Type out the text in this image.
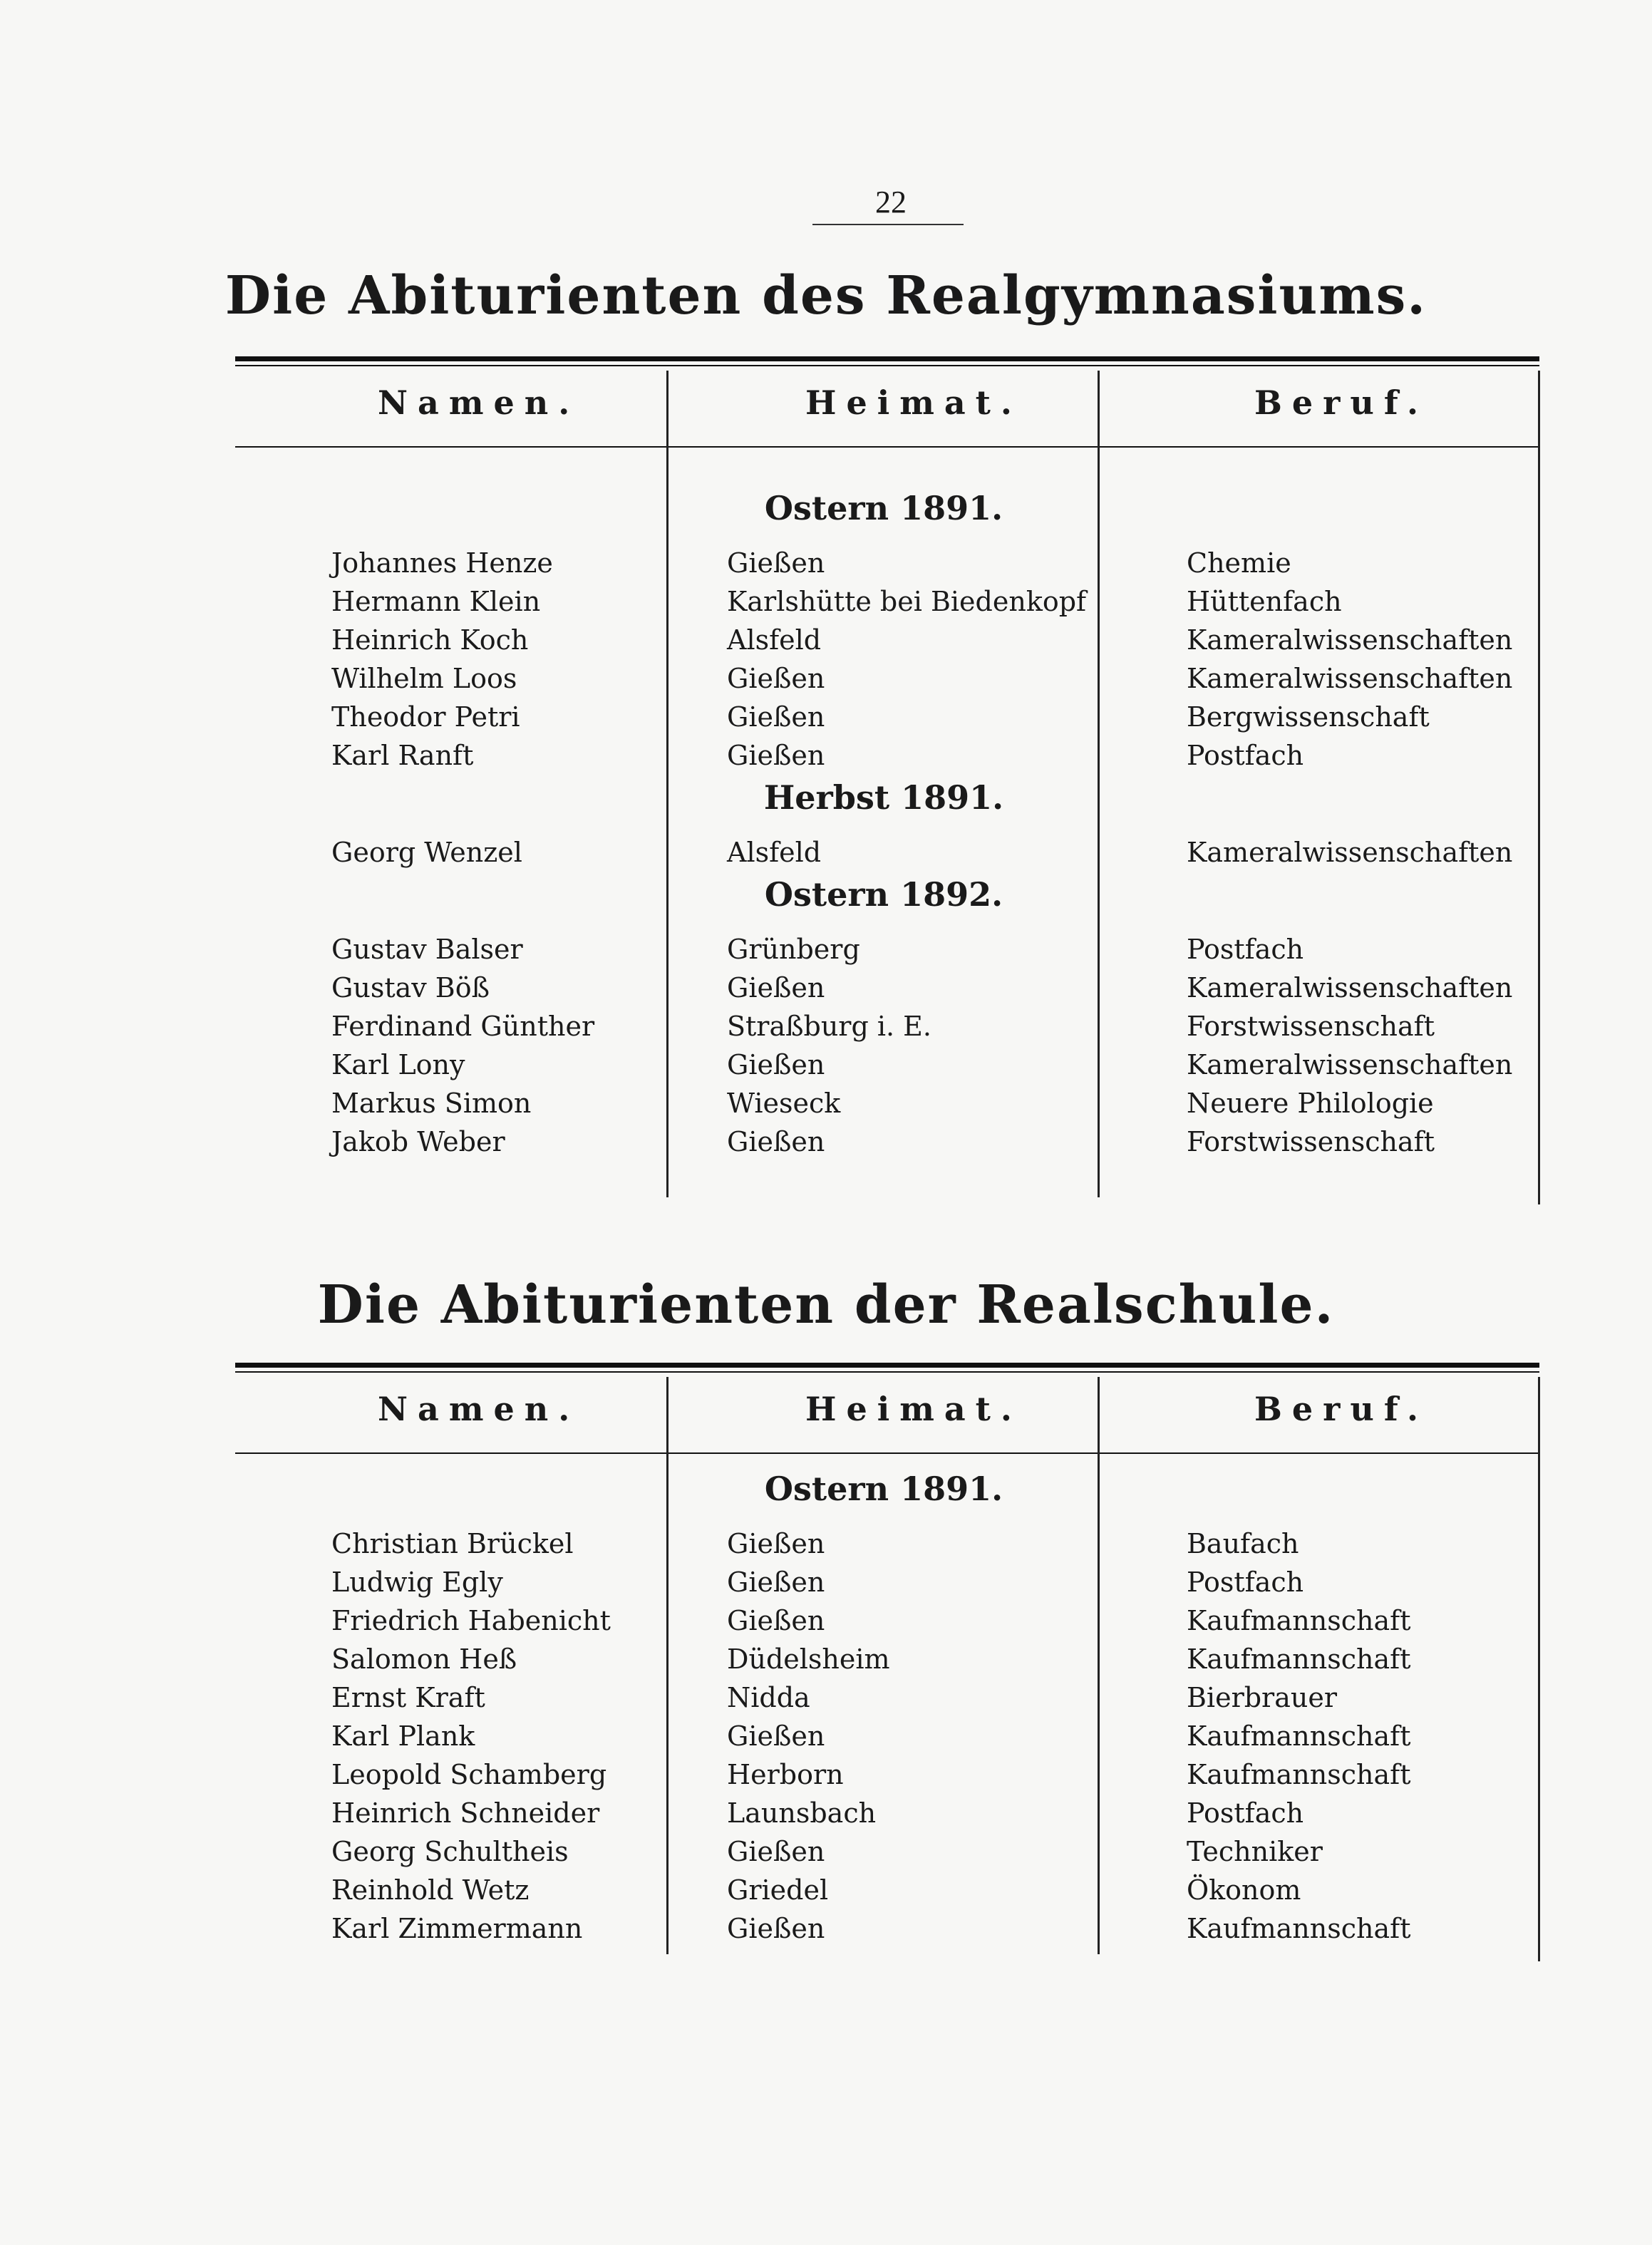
22
Die Abiturienten des Realgymnasiums.
Namen.	Heimat.	Beruf.
Ostern 1891.
Johannes Henze	Gießen	Chemie
Hermann Klein	Karlshütte bei Biedenkopf	Hüttenfach
Heinrich Koch	Alsfeld	Kameralwissenschaften
Wilhelm Loos	Gießen	Kameralwissenschaften
Theodor Petri	Gießen	Bergwissenschaft
Karl Ranft	Gießen	Postfach
Herbst 1891.
Georg Wenzel	Alsfeld	Kameralwissenschaften
Ostern 1892.
Gustav Balser	Grünberg	Postfach
Gustav Böß	Gießen	Kameralwissenschaften
Ferdinand Günther	Straßburg i. E.	Forstwissenschaft
Karl Lony	Gießen	Kameralwissenschaften
Markus Simon	Wieseck	Neuere Philologie
Jakob Weber	Gießen	Forstwissenschaft
Die Abiturienten der Realschule.
Namen.	Heimat.	Beruf.
Ostern 1891.
Christian Brückel	Gießen	Baufach
Ludwig Egly	Gießen	Postfach
Friedrich Habenicht	Gießen	Kaufmannschaft
Salomon Heß	Düdelsheim	Kaufmannschaft
Ernst Kraft	Nidda	Bierbrauer
Karl Plank	Gießen	Kaufmannschaft
Leopold Schamberg	Herborn	Kaufmannschaft
Heinrich Schneider	Launsbach	Postfach
Georg Schultheis	Gießen	Techniker
Reinhold Wetz	Griedel	Ökonom
Karl Zimmermann	Gießen	Kaufmannschaft
